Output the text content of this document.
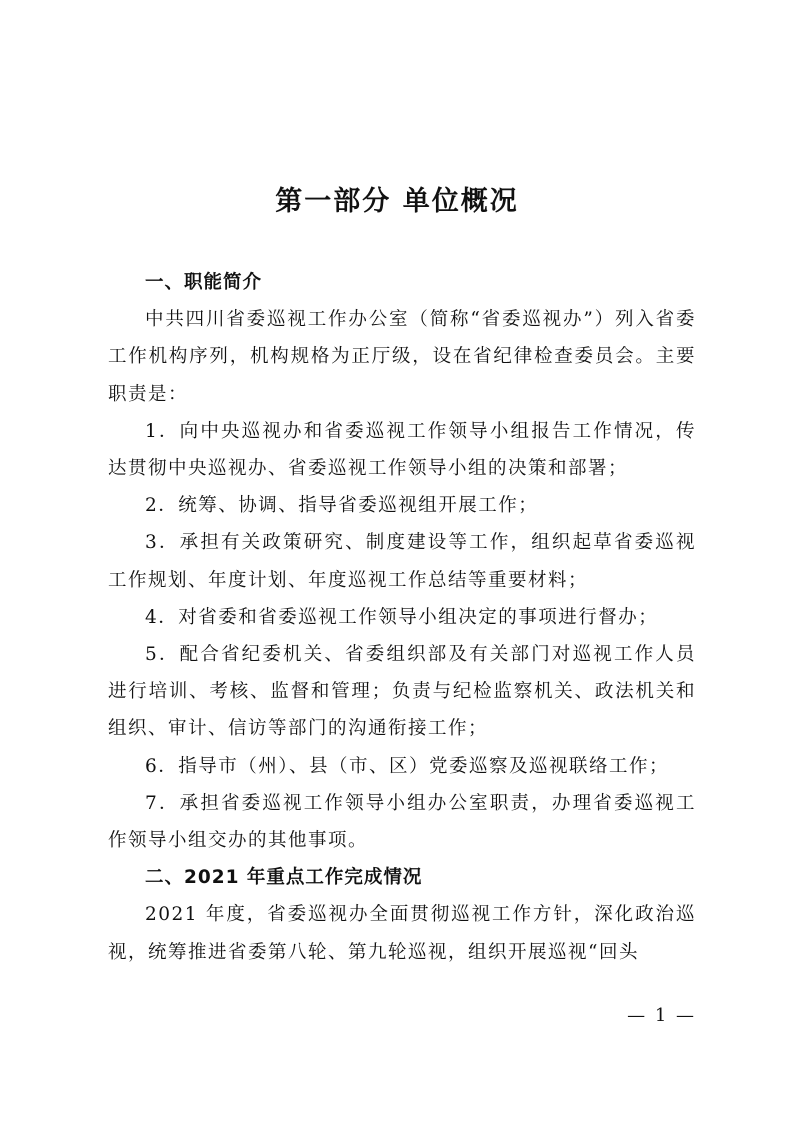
第一部分 单位概况

一、职能简介

中共四川省委巡视工作办公室（简称“省委巡视办”）列入省委工作机构序列，机构规格为正厅级，设在省纪律检查委员会。主要职责是：

1．向中央巡视办和省委巡视工作领导小组报告工作情况，传达贯彻中央巡视办、省委巡视工作领导小组的决策和部署；

2．统筹、协调、指导省委巡视组开展工作；

3．承担有关政策研究、制度建设等工作，组织起草省委巡视工作规划、年度计划、年度巡视工作总结等重要材料；

4．对省委和省委巡视工作领导小组决定的事项进行督办；

5．配合省纪委机关、省委组织部及有关部门对巡视工作人员进行培训、考核、监督和管理；负责与纪检监察机关、政法机关和组织、审计、信访等部门的沟通衔接工作；

6．指导市（州）、县（市、区）党委巡察及巡视联络工作；

7．承担省委巡视工作领导小组办公室职责，办理省委巡视工作领导小组交办的其他事项。

二、2021 年重点工作完成情况

2021 年度，省委巡视办全面贯彻巡视工作方针，深化政治巡视，统筹推进省委第八轮、第九轮巡视，组织开展巡视“回头

— 1 —
